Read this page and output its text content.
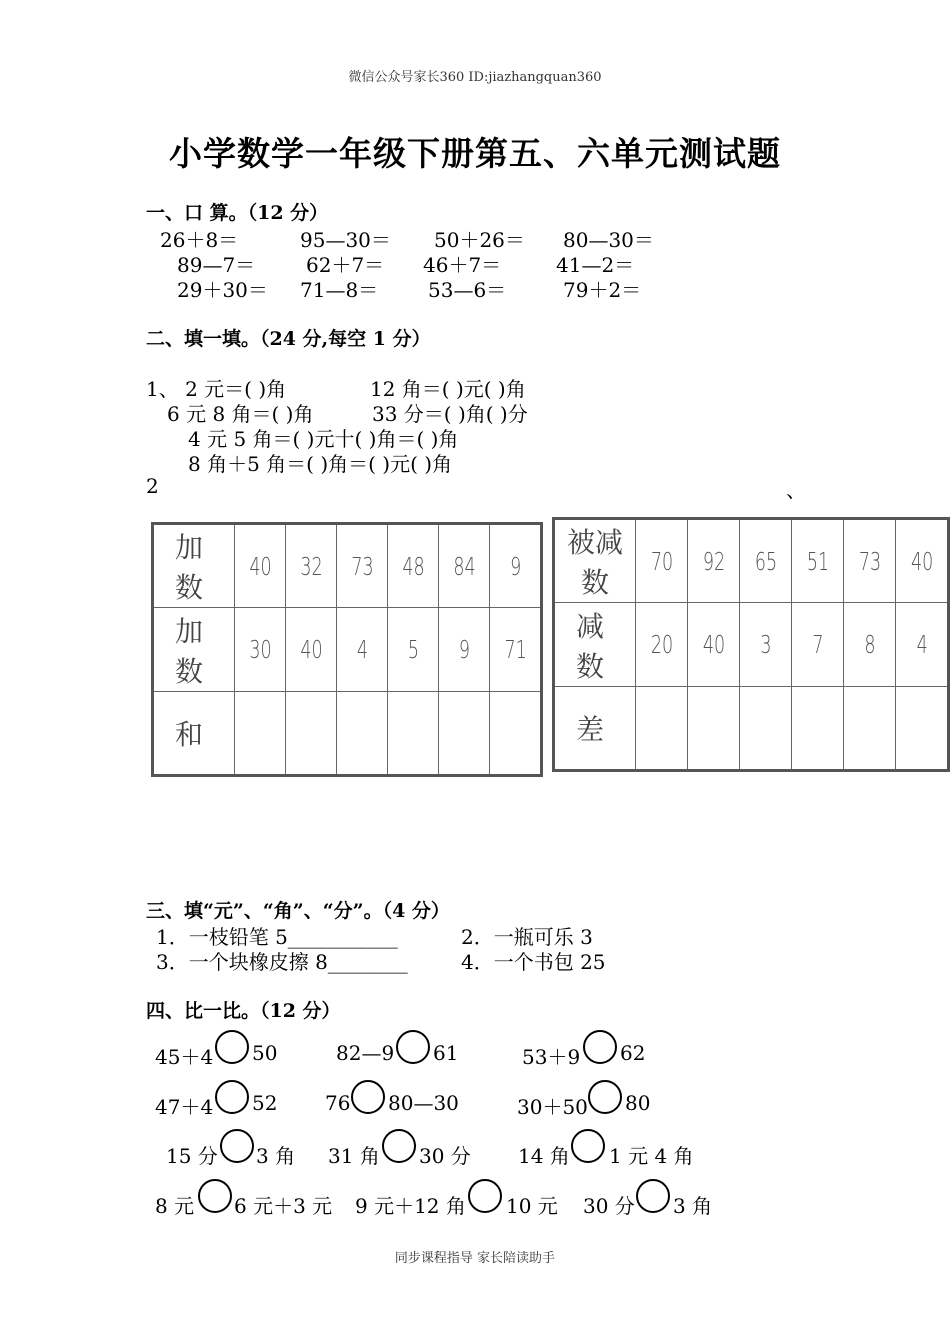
微信公众号家长360 ID:jiazhangquan360
小学数学一年级下册第五、六单元测试题
一、口 算。（12 分）
26＋8＝	95—30＝ 50＋26＝ 80—30＝
89—7＝	62＋7＝ 46＋7＝	41—2＝
29＋30＝ 71—8＝ 53—6＝	79＋2＝
二、填一填。（24 分,每空 1 分）
1、 2 元＝( )角	12 角＝( )元( )角
6 元 8 角＝( )角	33 分＝( )角( )分
4 元 5 角＝( )元十( )角＝( )角
8 角＋5 角＝( )角＝( )元( )角
2	、
加 数	40	32	73	48	84	9
加 数	30	40	4	5	9	71
和						
被减数	70	92	65	51	73	40
减 数	20	40	3	7	8	4
差						
三、填“元”、“角”、“分”。（4 分）
1．一枝铅笔 5___________	2．一瓶可乐 3
3．一个块橡皮擦 8________	4．一个书包 25
四、比一比。（12 分）
45＋4 50	82—9 61	53＋9 62
47＋4 52 76 80—30	30＋50 80
15 分 3 角 31 角 30 分 14 角 1 元 4 角
8 元 6 元＋3 元 9 元＋12 角 10 元 30 分 3 角
同步课程指导 家长陪读助手
